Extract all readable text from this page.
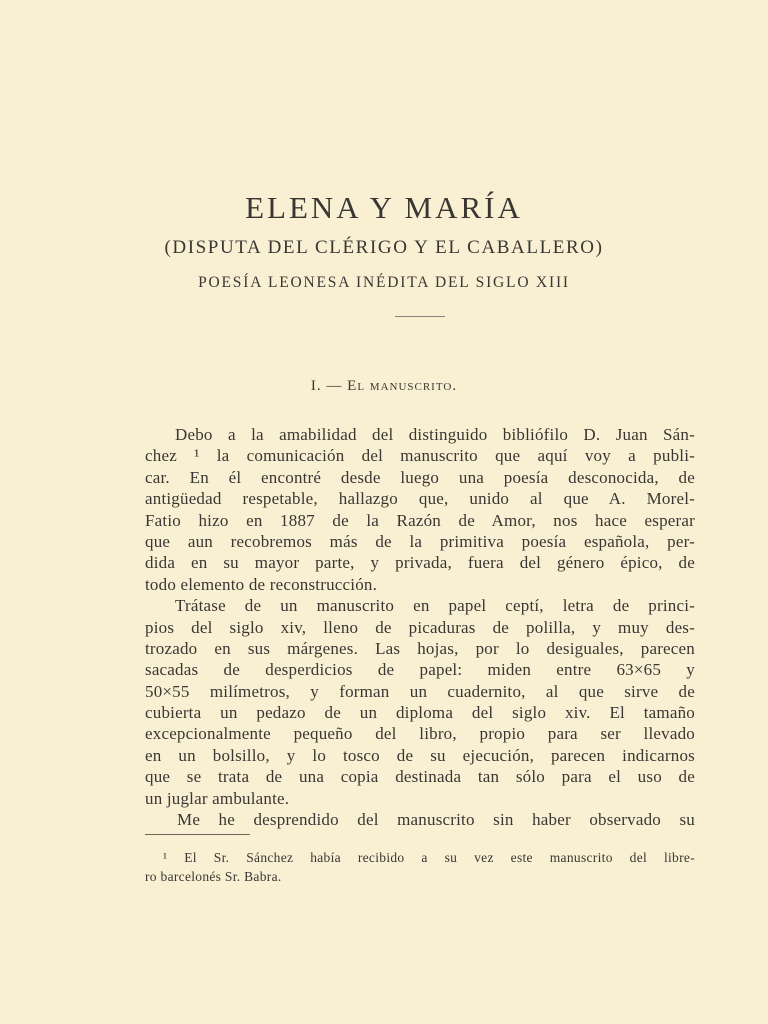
ELENA Y MARÍA
(DISPUTA DEL CLÉRIGO Y EL CABALLERO)
POESÍA LEONESA INÉDITA DEL SIGLO XIII
I. — El manuscrito.
Debo a la amabilidad del distinguido bibliófilo D. Juan Sán-
chez ¹ la comunicación del manuscrito que aquí voy a publi-
car. En él encontré desde luego una poesía desconocida, de
antigüedad respetable, hallazgo que, unido al que A. Morel-
Fatio hizo en 1887 de la Razón de Amor, nos hace esperar
que aun recobremos más de la primitiva poesía española, per-
dida en su mayor parte, y privada, fuera del género épico, de
todo elemento de reconstrucción.
Trátase de un manuscrito en papel ceptí, letra de princi-
pios del siglo xiv, lleno de picaduras de polilla, y muy des-
trozado en sus márgenes. Las hojas, por lo desiguales, parecen
sacadas de desperdicios de papel: miden entre 63×65 y
50×55 milímetros, y forman un cuadernito, al que sirve de
cubierta un pedazo de un diploma del siglo xiv. El tamaño
excepcionalmente pequeño del libro, propio para ser llevado
en un bolsillo, y lo tosco de su ejecución, parecen indicarnos
que se trata de una copia destinada tan sólo para el uso de
un juglar ambulante.
Me he desprendido del manuscrito sin haber observado su
¹ El Sr. Sánchez había recibido a su vez este manuscrito del libre-
ro barcelonés Sr. Babra.
